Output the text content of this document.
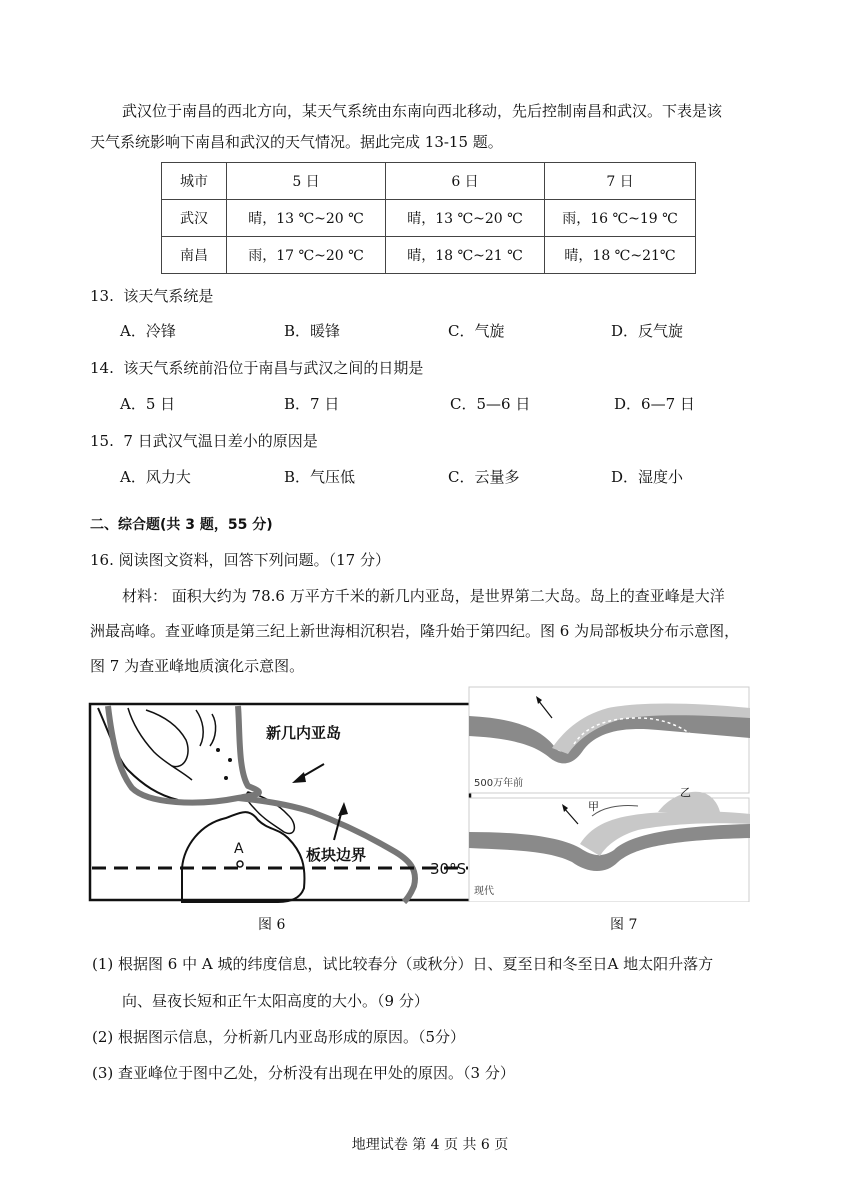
武汉位于南昌的西北方向，某天气系统由东南向西北移动，先后控制南昌和武汉。下表是该
天气系统影响下南昌和武汉的天气情况。据此完成 13-15 题。
城市	5 日	6 日	7 日
武汉	晴，13 ℃~20 ℃	晴，13 ℃~20 ℃	雨，16 ℃~19 ℃
南昌	雨，17 ℃~20 ℃	晴，18 ℃~21 ℃	晴，18 ℃~21℃
13. 该天气系统是
A．冷锋	B．暖锋	C．气旋	D．反气旋
14. 该天气系统前沿位于南昌与武汉之间的日期是
A．5 日	B．7 日	C．5—6 日	D．6—7 日
15. 7 日武汉气温日差小的原因是
A．风力大	B．气压低	C．云量多	D．湿度小
二、综合题(共 3 题，55 分)
16. 阅读图文资料，回答下列问题。（17 分）
材料： 面积大约为 78.6 万平方千米的新几内亚岛，是世界第二大岛。岛上的查亚峰是大洋
洲最高峰。查亚峰顶是第三纪上新世海相沉积岩，隆升始于第四纪。图 6 为局部板块分布示意图，
图 7 为查亚峰地质演化示意图。
新几内亚岛
板块边界
A
30°S
500万年前
甲
乙
现代
图 6	图 7
(1) 根据图 6 中 A 城的纬度信息，试比较春分（或秋分）日、夏至日和冬至日A 地太阳升落方
向、昼夜长短和正午太阳高度的大小。（9 分）
(2) 根据图示信息，分析新几内亚岛形成的原因。（5分）
(3) 查亚峰位于图中乙处，分析没有出现在甲处的原因。（3 分）
地理试卷 第 4 页 共 6 页
